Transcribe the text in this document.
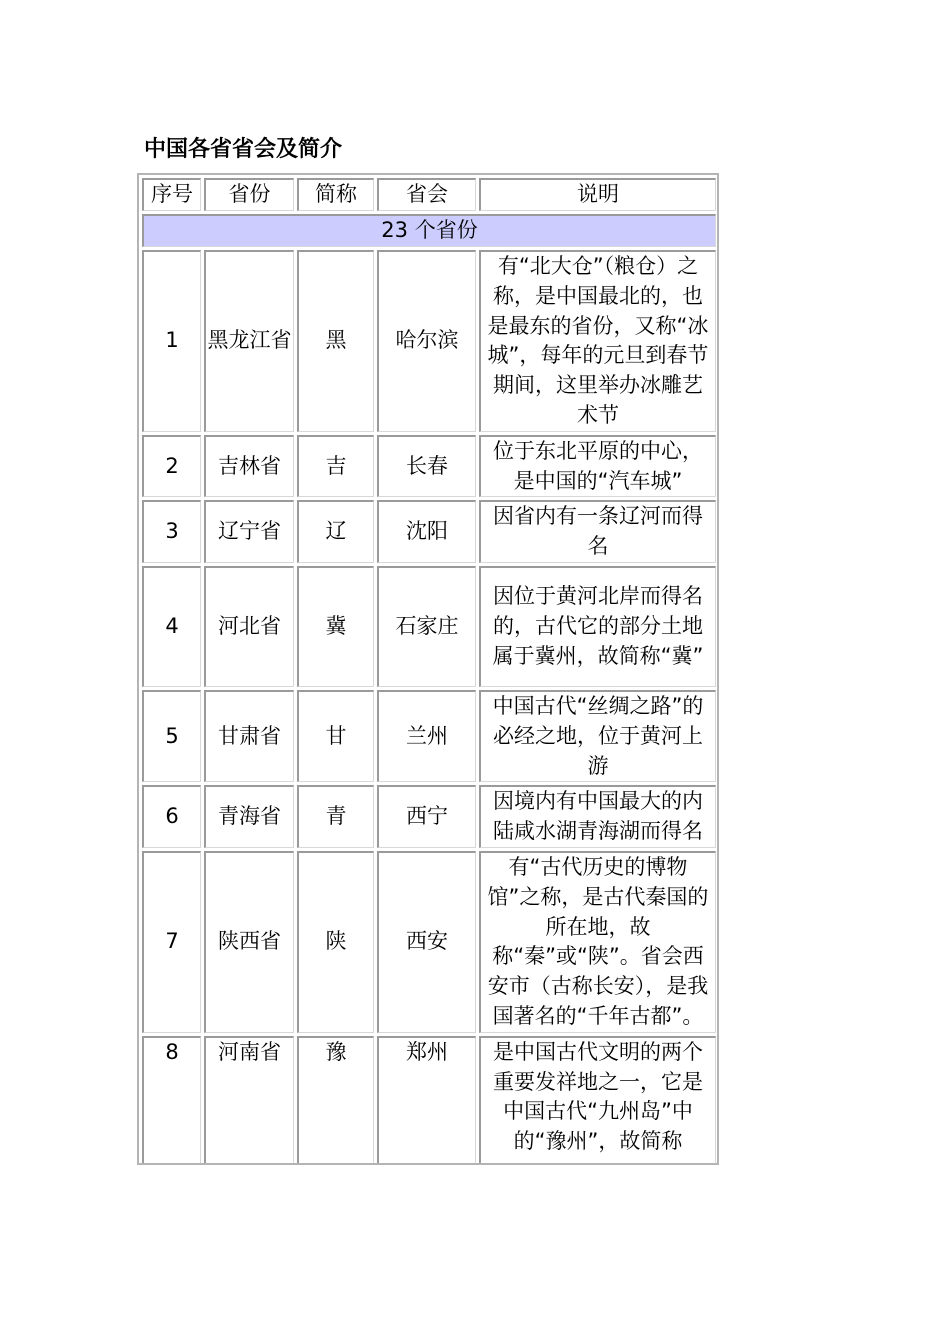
中国各省省会及简介
序号	省份	简称	省会	说明
23 个省份				
1	黑龙江省	黑	哈尔滨	有“北大仓”（粮仓）之称，是中国最北的，也是最东的省份，又称“冰城”，每年的元旦到春节期间，这里举办冰雕艺术节
2	吉林省	吉	长春	位于东北平原的中心，是中国的“汽车城”
3	辽宁省	辽	沈阳	因省内有一条辽河而得名
4	河北省	冀	石家庄	因位于黄河北岸而得名的，古代它的部分土地属于冀州，故简称“冀”
5	甘肃省	甘	兰州	中国古代“丝绸之路”的必经之地，位于黄河上游
6	青海省	青	西宁	因境内有中国最大的内陆咸水湖青海湖而得名
7	陕西省	陕	西安	有“古代历史的博物馆”之称，是古代秦国的所在地，故称“秦”或“陕”。省会西安市（古称长安），是我国著名的“千年古都”。
8	河南省	豫	郑州	是中国古代文明的两个重要发祥地之一，它是中国古代“九州岛”中的“豫州”，故简称
